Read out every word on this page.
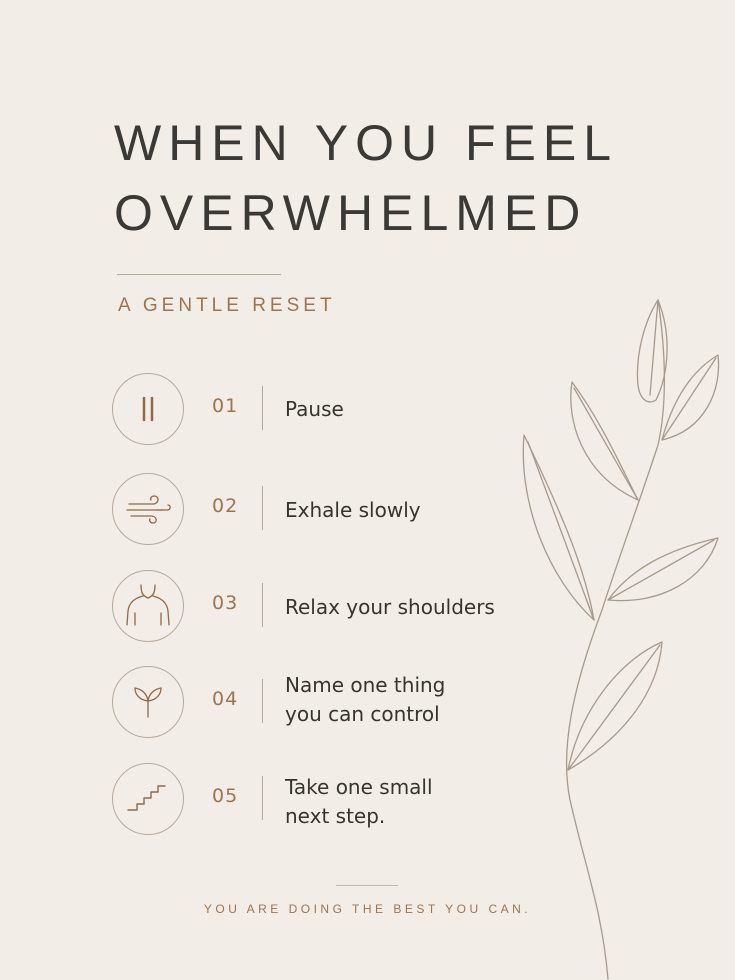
WHEN YOU FEEL
OVERWHELMED
A GENTLE RESET
01 Pause
02 Exhale slowly
03 Relax your shoulders
04
Name one thing
you can control
05 Take one small
next step.
YOU ARE DOING THE BEST YOU CAN.
